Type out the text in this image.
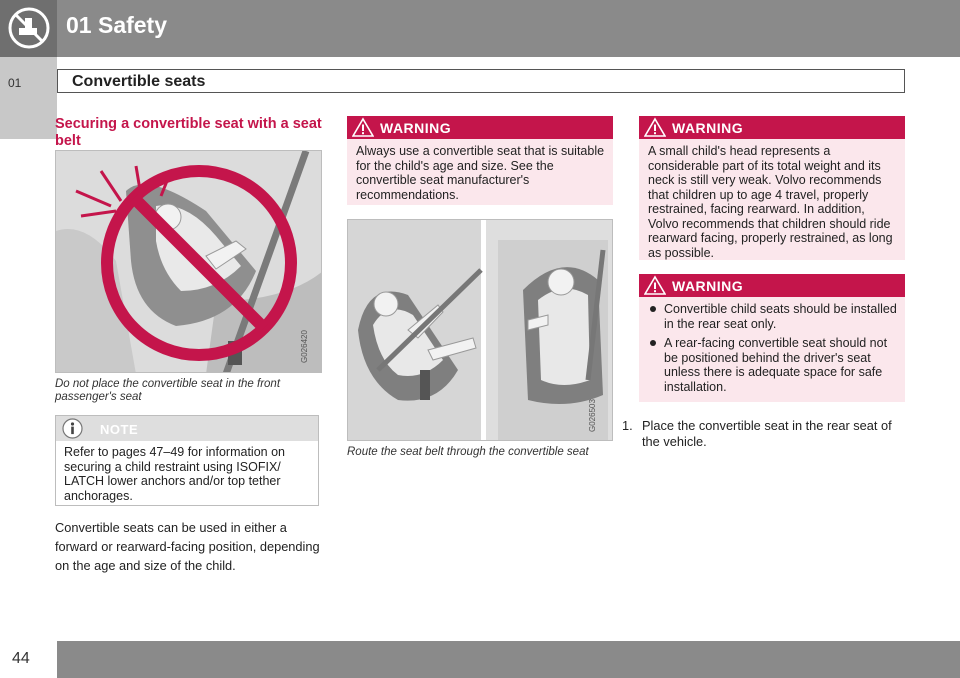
01 Safety
01	Convertible seats
Securing a convertible seat with a seat belt
G026420
Do not place the convertible seat in the front passenger's seat
NOTE
Refer to pages 47–49 for information on securing a child restraint using ISOFIX/ LATCH lower anchors and/or top tether anchorages.
Convertible seats can be used in either a forward or rearward-facing position, depending on the age and size of the child.
WARNING
Always use a convertible seat that is suitable for the child's age and size. See the convertible seat manufacturer's recommendations.
G026503
Route the seat belt through the convertible seat
WARNING
A small child's head represents a considerable part of its total weight and its neck is still very weak. Volvo recommends that children up to age 4 travel, properly restrained, facing rearward. In addition, Volvo recommends that children should ride rearward facing, properly restrained, as long as possible.
WARNING
Convertible child seats should be installed in the rear seat only.
A rear-facing convertible seat should not be positioned behind the driver's seat unless there is adequate space for safe installation.
1. Place the convertible seat in the rear seat of the vehicle.
44
